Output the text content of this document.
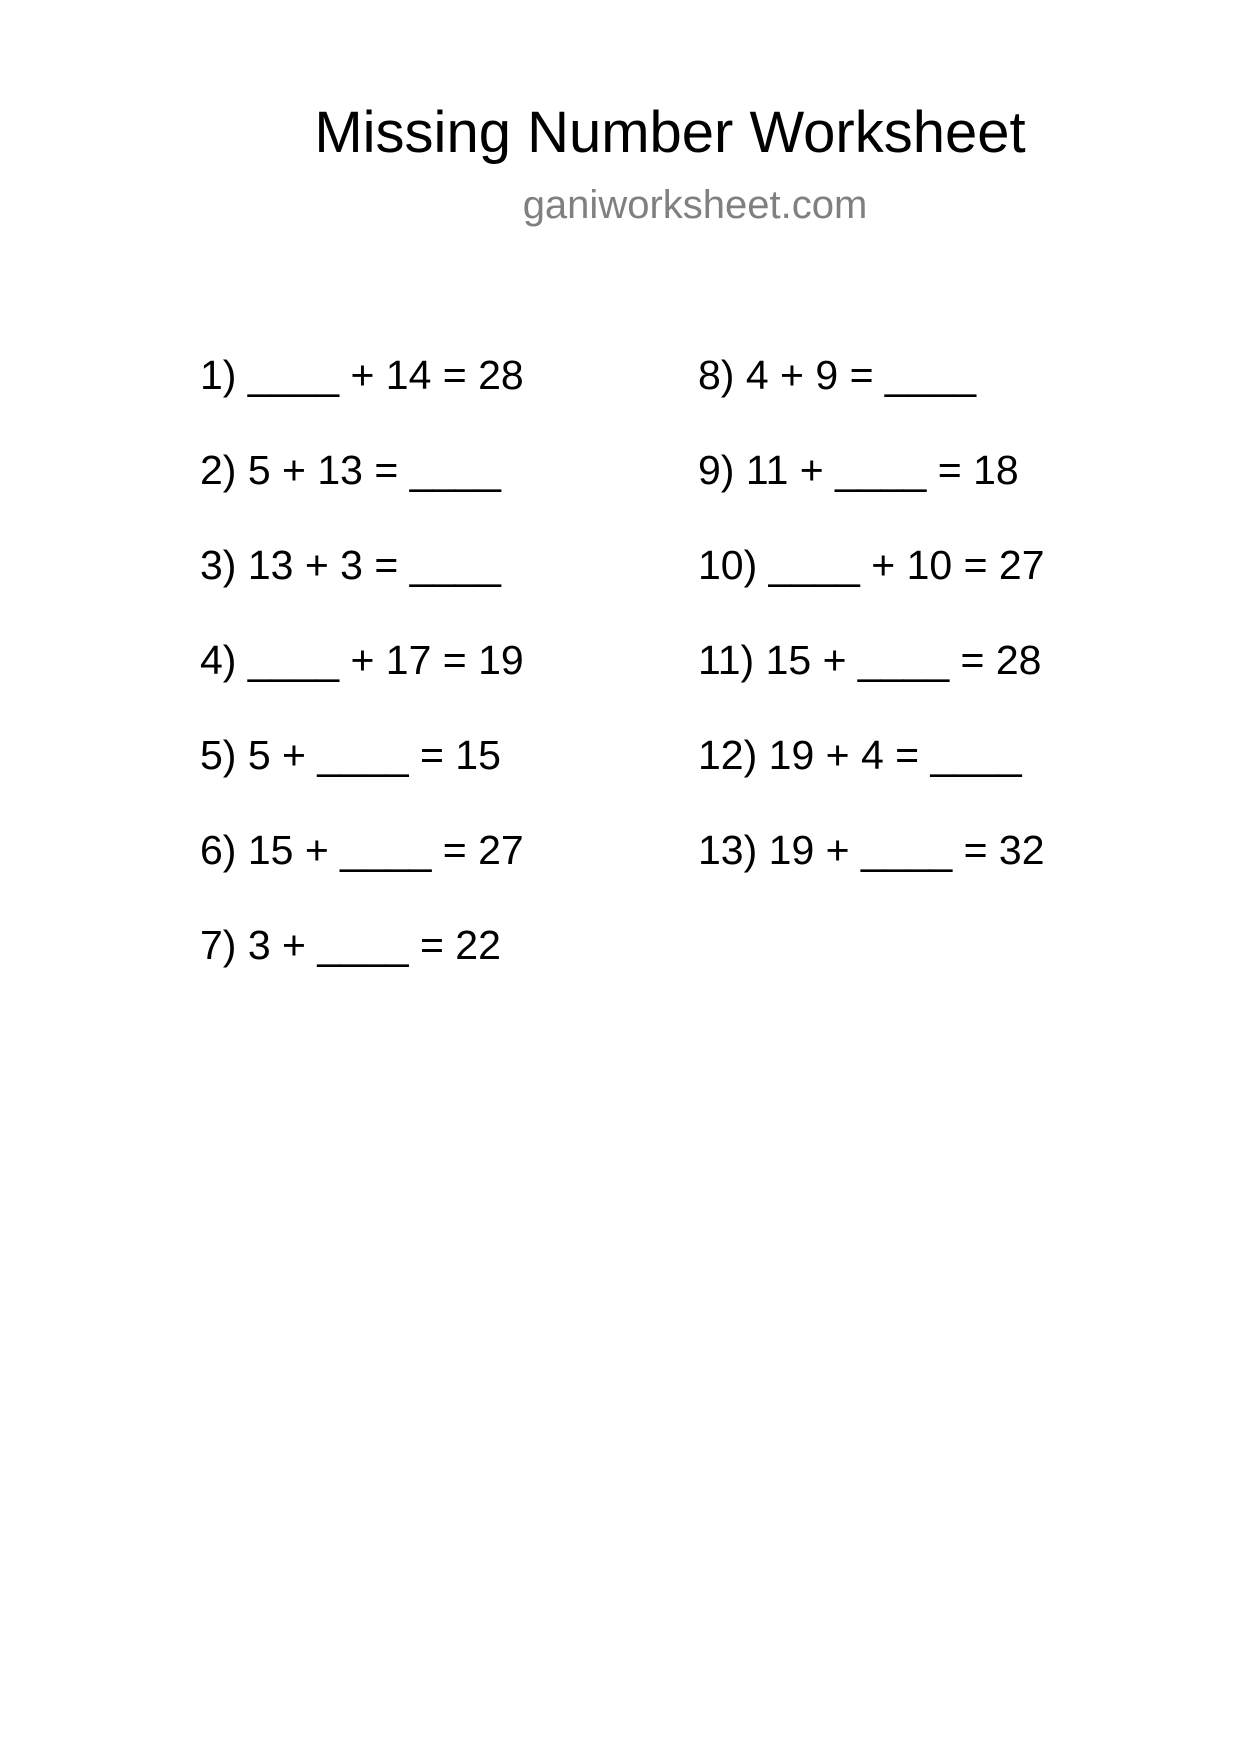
Missing Number Worksheet
ganiworksheet.com
1) ____ + 14 = 28
2) 5 + 13 = ____
3) 13 + 3 = ____
4) ____ + 17 = 19
5) 5 + ____ = 15
6) 15 + ____ = 27
7) 3 + ____ = 22
8) 4 + 9 = ____
9) 11 + ____ = 18
10) ____ + 10 = 27
11) 15 + ____ = 28
12) 19 + 4 = ____
13) 19 + ____ = 32
